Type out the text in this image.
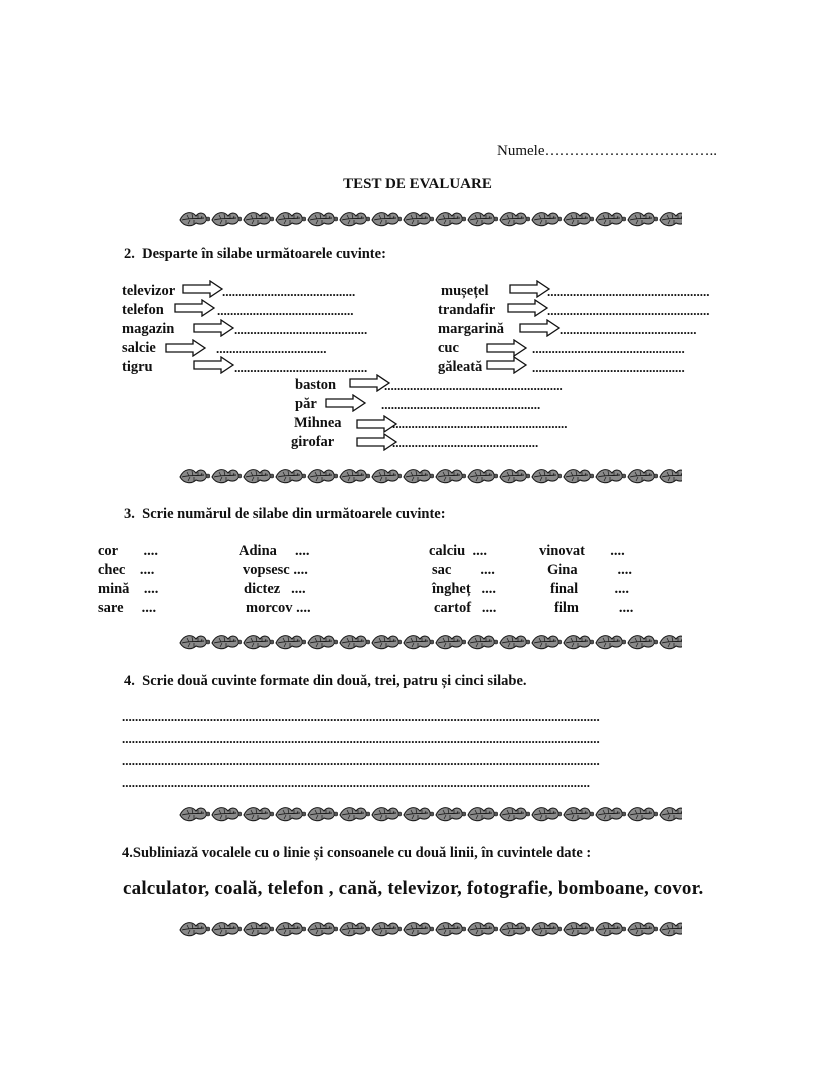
Numele……………………………..
TEST DE EVALUARE
2.  Desparte în silabe următoarele cuvinte:
televizor
telefon
magazin
salcie
tigru
.........................................
..........................................
.........................................
..................................
.........................................
mușețel
trandafir
margarină
cuc
găleată
..................................................
..................................................
..........................................
...............................................
...............................................
baston
păr
Mihnea
girofar
.......................................................
.................................................
......................................................
.............................................
3.  Scrie numărul de silabe din următoarele cuvinte:
cor       ....
chec    ....
mină    ....
sare     ....
Adina     ....
vopsesc ....
dictez   ....
morcov ....
calciu  ....
sac        ....
îngheț   ....
cartof   ....
vinovat       ....
Gina           ....
final          ....
film           ....
4.  Scrie două cuvinte formate din două, trei, patru și cinci silabe.
...................................................................................................................................................
...................................................................................................................................................
...................................................................................................................................................
................................................................................................................................................
4.Subliniază vocalele cu o linie și consoanele cu două linii, în cuvintele date :
calculator, coală, telefon , cană, televizor, fotografie, bomboane, covor.
